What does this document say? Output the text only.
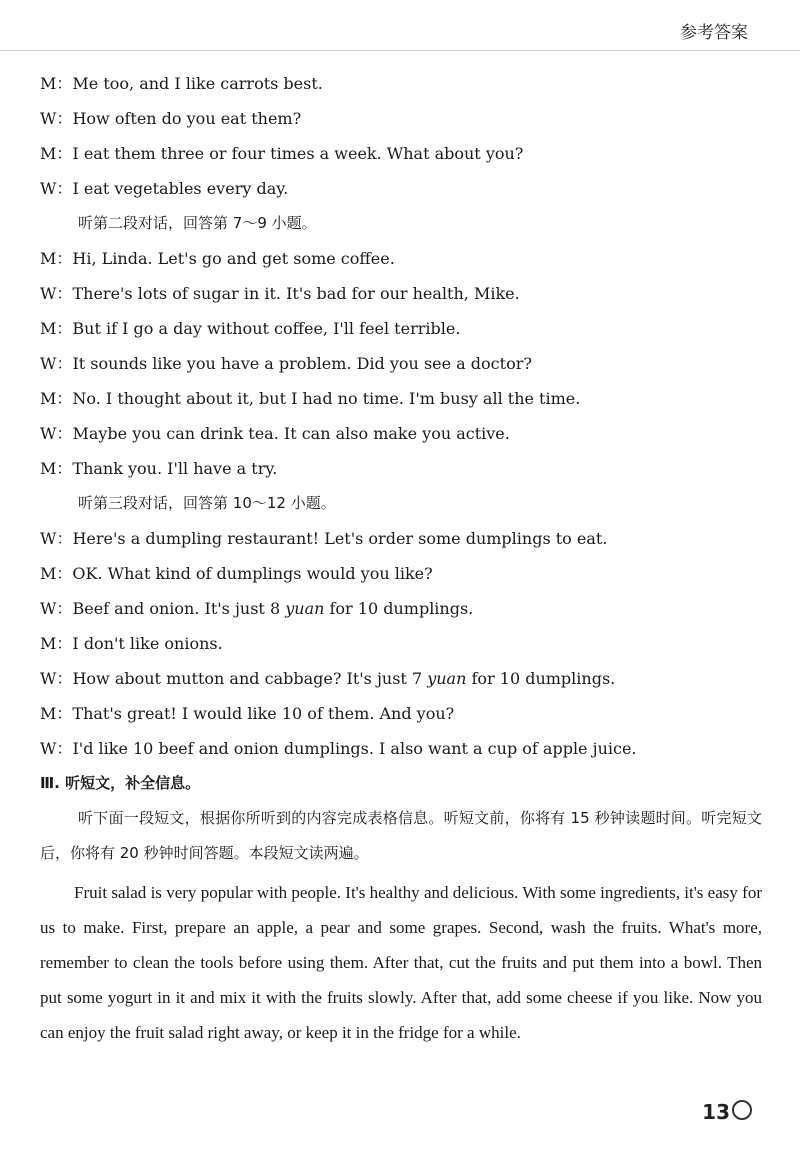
参考答案
M：Me too, and I like carrots best.
W：How often do you eat them?
M：I eat them three or four times a week. What about you?
W：I eat vegetables every day.
听第二段对话，回答第 7～9 小题。
M：Hi, Linda. Let's go and get some coffee.
W：There's lots of sugar in it. It's bad for our health, Mike.
M：But if I go a day without coffee, I'll feel terrible.
W：It sounds like you have a problem. Did you see a doctor?
M：No. I thought about it, but I had no time. I'm busy all the time.
W：Maybe you can drink tea. It can also make you active.
M：Thank you. I'll have a try.
听第三段对话，回答第 10～12 小题。
W：Here's a dumpling restaurant! Let's order some dumplings to eat.
M：OK. What kind of dumplings would you like?
W：Beef and onion. It's just 8 yuan for 10 dumplings.
M：I don't like onions.
W：How about mutton and cabbage? It's just 7 yuan for 10 dumplings.
M：That's great! I would like 10 of them. And you?
W：I'd like 10 beef and onion dumplings. I also want a cup of apple juice.
Ⅲ. 听短文，补全信息。

听下面一段短文，根据你所听到的内容完成表格信息。听短文前，你将有 15 秒钟读题时间。听完短文后，你将有 20 秒钟时间答题。本段短文读两遍。

Fruit salad is very popular with people. It's healthy and delicious. With some ingredients, it's easy for us to make. First, prepare an apple, a pear and some grapes. Second, wash the fruits. What's more, remember to clean the tools before using them. After that, cut the fruits and put them into a bowl. Then put some yogurt in it and mix it with the fruits slowly. After that, add some cheese if you like. Now you can enjoy the fruit salad right away, or keep it in the fridge for a while.

13
